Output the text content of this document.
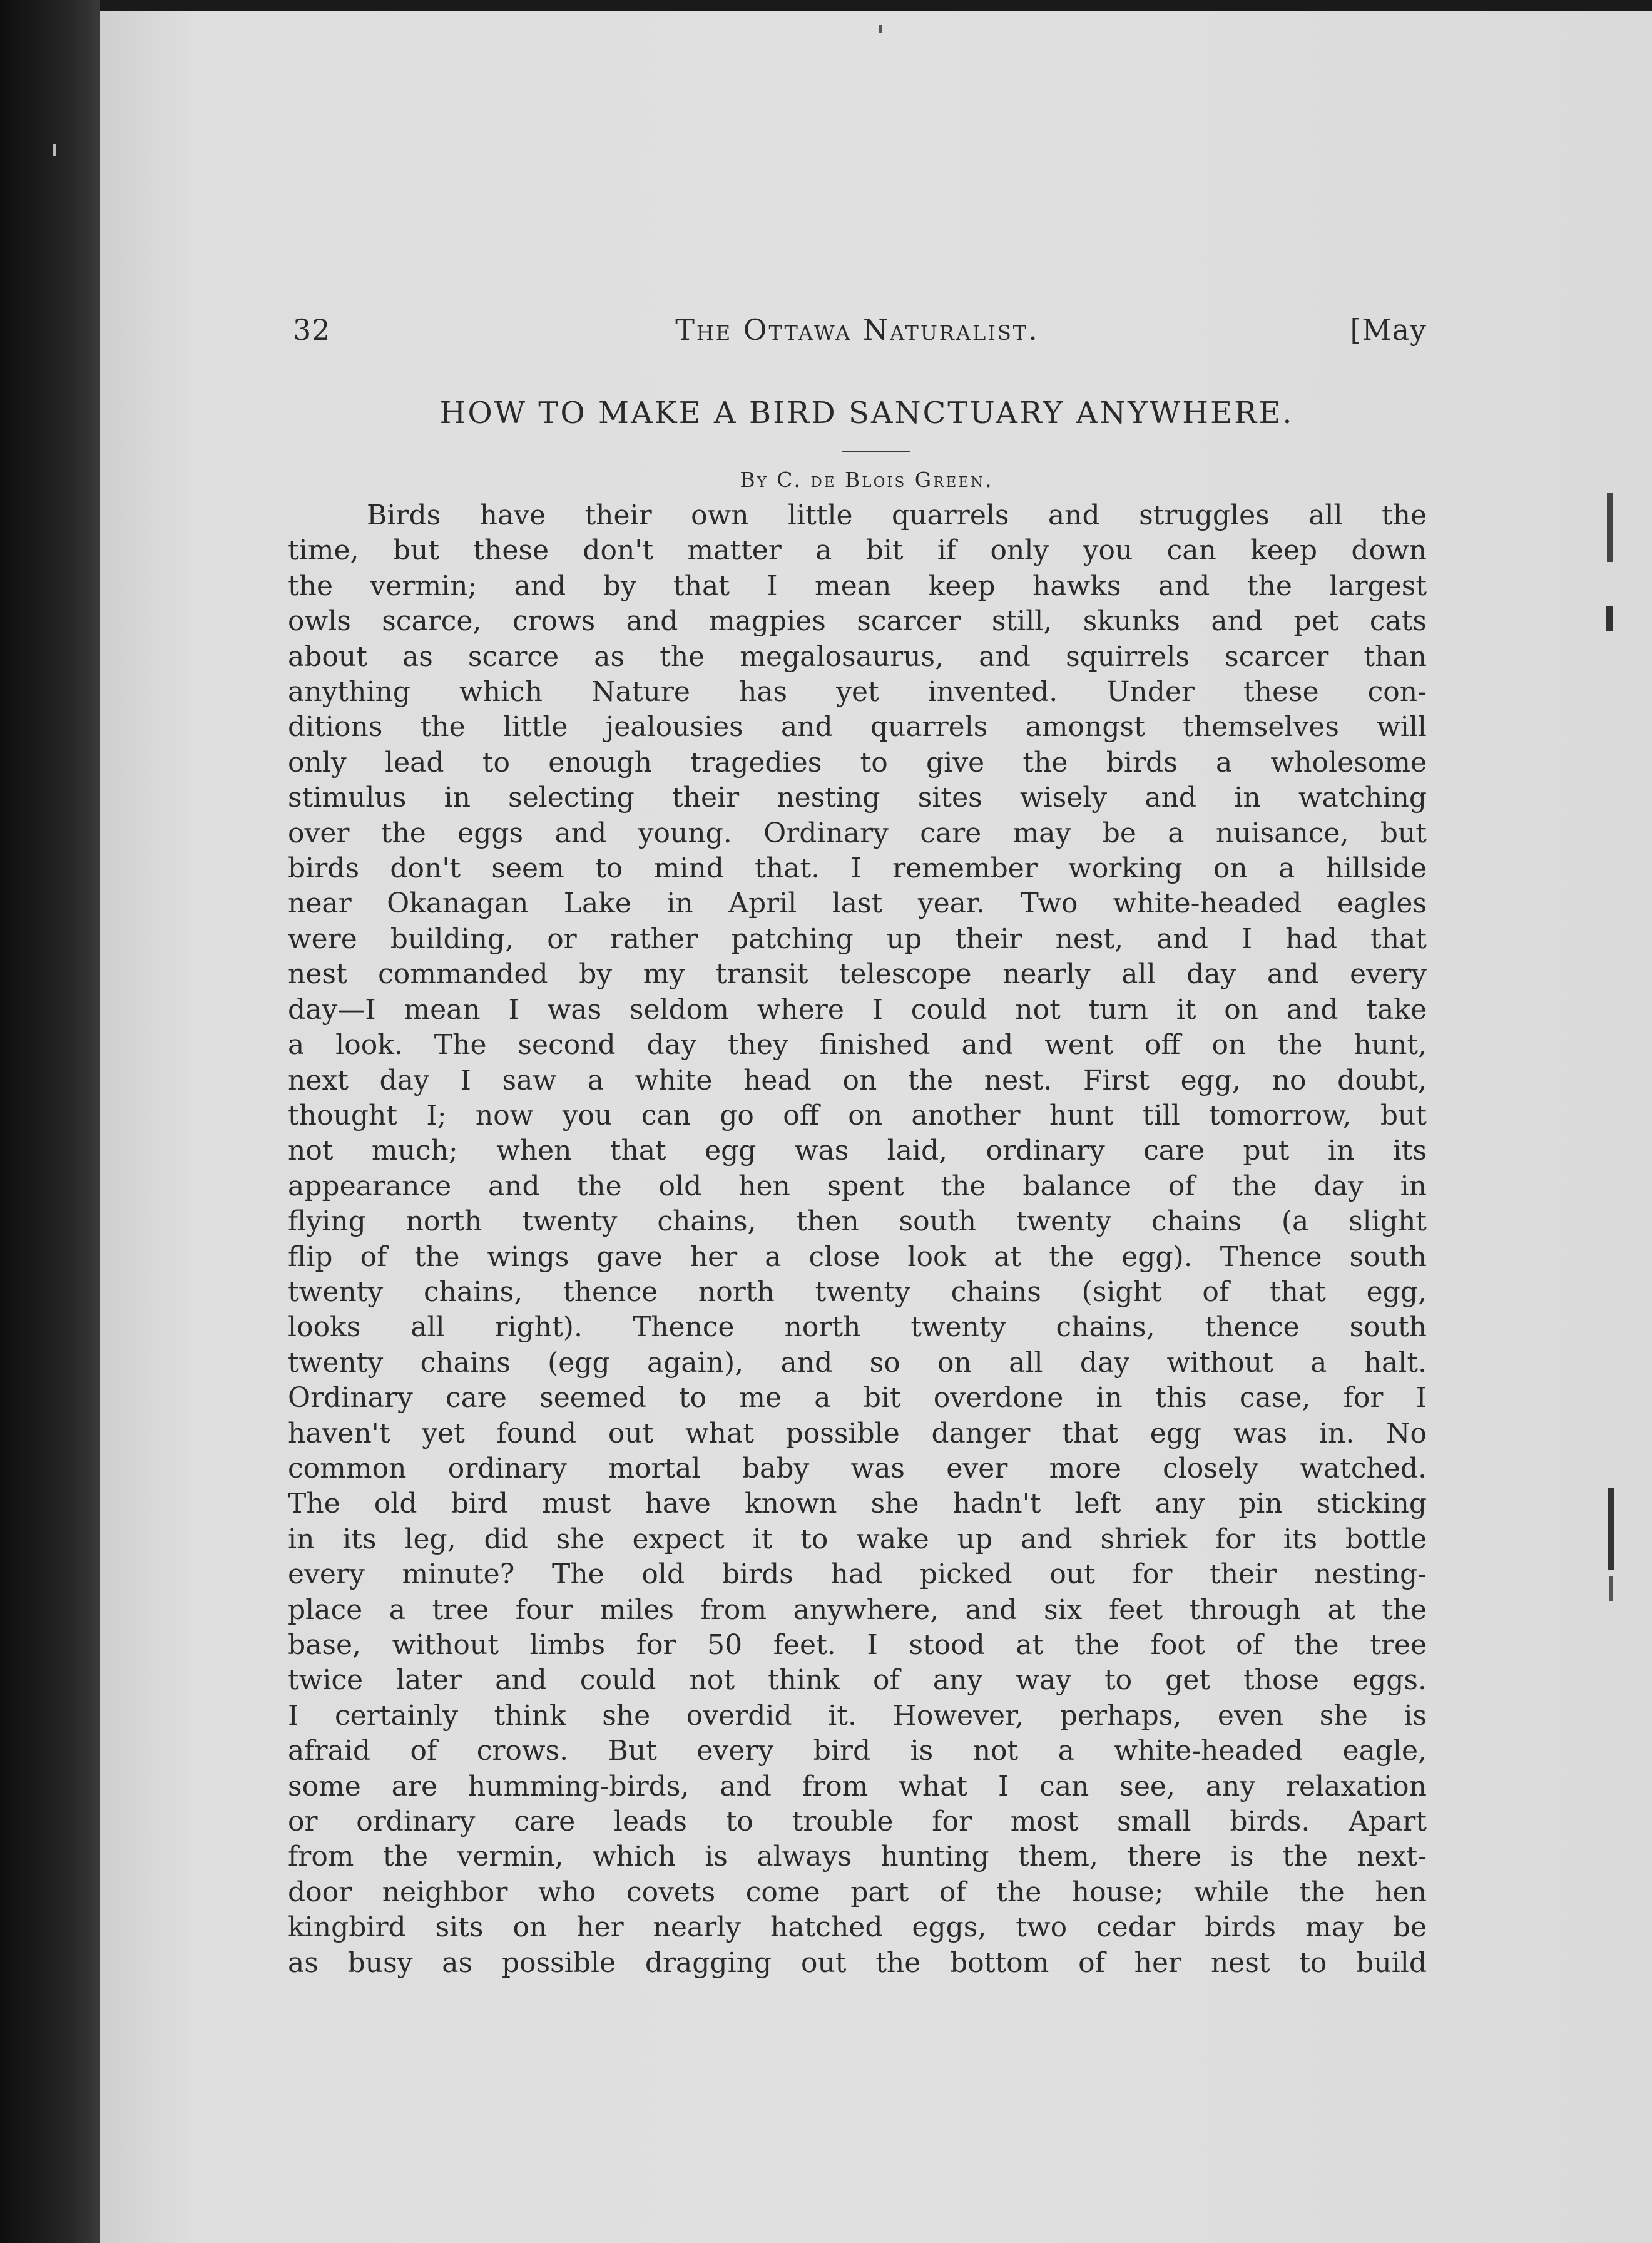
32	The Ottawa Naturalist.	[May
HOW TO MAKE A BIRD SANCTUARY ANYWHERE.
By C. de Blois Green.
Birds have their own little quarrels and struggles all the
time, but these don't matter a bit if only you can keep down
the vermin; and by that I mean keep hawks and the largest
owls scarce, crows and magpies scarcer still, skunks and pet cats
about as scarce as the megalosaurus, and squirrels scarcer than
anything which Nature has yet invented. Under these con-
ditions the little jealousies and quarrels amongst themselves will
only lead to enough tragedies to give the birds a wholesome
stimulus in selecting their nesting sites wisely and in watching
over the eggs and young. Ordinary care may be a nuisance, but
birds don't seem to mind that. I remember working on a hillside
near Okanagan Lake in April last year. Two white-headed eagles
were building, or rather patching up their nest, and I had that
nest commanded by my transit telescope nearly all day and every
day—I mean I was seldom where I could not turn it on and take
a look. The second day they finished and went off on the hunt,
next day I saw a white head on the nest. First egg, no doubt,
thought I; now you can go off on another hunt till tomorrow, but
not much; when that egg was laid, ordinary care put in its
appearance and the old hen spent the balance of the day in
flying north twenty chains, then south twenty chains (a slight
flip of the wings gave her a close look at the egg). Thence south
twenty chains, thence north twenty chains (sight of that egg,
looks all right). Thence north twenty chains, thence south
twenty chains (egg again), and so on all day without a halt.
Ordinary care seemed to me a bit overdone in this case, for I
haven't yet found out what possible danger that egg was in. No
common ordinary mortal baby was ever more closely watched.
The old bird must have known she hadn't left any pin sticking
in its leg, did she expect it to wake up and shriek for its bottle
every minute? The old birds had picked out for their nesting-
place a tree four miles from anywhere, and six feet through at the
base, without limbs for 50 feet. I stood at the foot of the tree
twice later and could not think of any way to get those eggs.
I certainly think she overdid it. However, perhaps, even she is
afraid of crows. But every bird is not a white-headed eagle,
some are humming-birds, and from what I can see, any relaxation
or ordinary care leads to trouble for most small birds. Apart
from the vermin, which is always hunting them, there is the next-
door neighbor who covets come part of the house; while the hen
kingbird sits on her nearly hatched eggs, two cedar birds may be
as busy as possible dragging out the bottom of her nest to build
